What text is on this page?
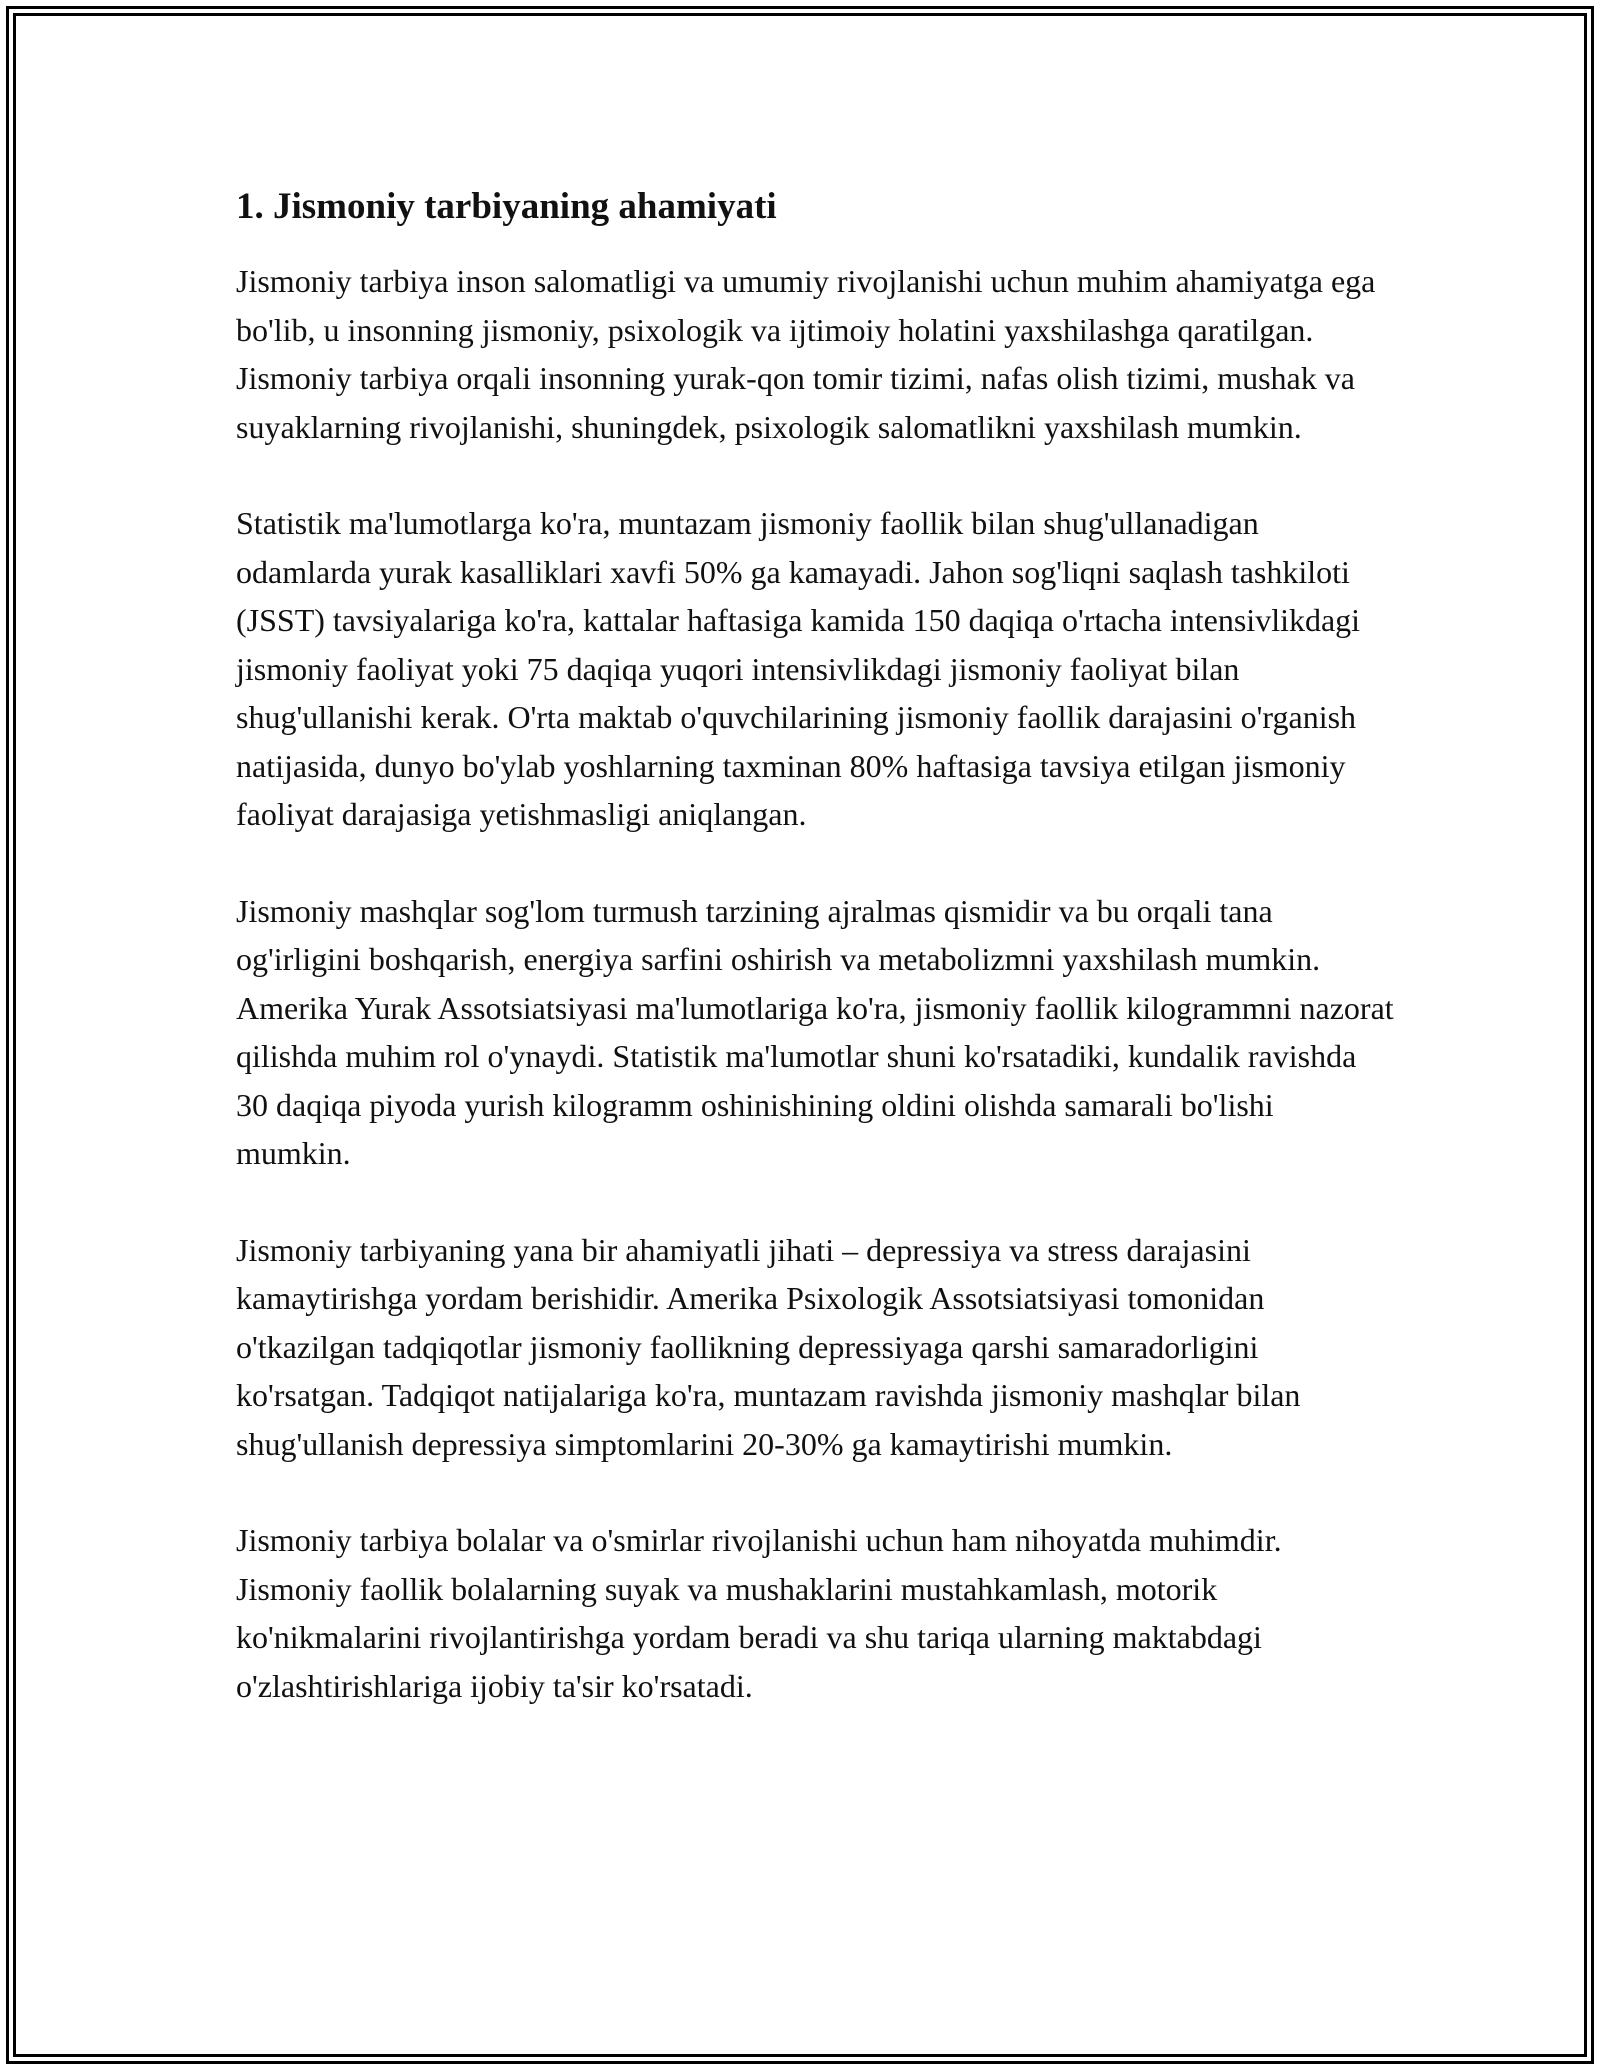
1. Jismoniy tarbiyaning ahamiyati

Jismoniy tarbiya inson salomatligi va umumiy rivojlanishi uchun muhim ahamiyatga ega bo'lib, u insonning jismoniy, psixologik va ijtimoiy holatini yaxshilashga qaratilgan. Jismoniy tarbiya orqali insonning yurak-qon tomir tizimi, nafas olish tizimi, mushak va suyaklarning rivojlanishi, shuningdek, psixologik salomatlikni yaxshilash mumkin.

Statistik ma'lumotlarga ko'ra, muntazam jismoniy faollik bilan shug'ullanadigan odamlarda yurak kasalliklari xavfi 50% ga kamayadi. Jahon sog'liqni saqlash tashkiloti (JSST) tavsiyalariga ko'ra, kattalar haftasiga kamida 150 daqiqa o'rtacha intensivlikdagi jismoniy faoliyat yoki 75 daqiqa yuqori intensivlikdagi jismoniy faoliyat bilan shug'ullanishi kerak. O'rta maktab o'quvchilarining jismoniy faollik darajasini o'rganish natijasida, dunyo bo'ylab yoshlarning taxminan 80% haftasiga tavsiya etilgan jismoniy faoliyat darajasiga yetishmasligi aniqlangan.

Jismoniy mashqlar sog'lom turmush tarzining ajralmas qismidir va bu orqali tana og'irligini boshqarish, energiya sarfini oshirish va metabolizmni yaxshilash mumkin. Amerika Yurak Assotsiatsiyasi ma'lumotlariga ko'ra, jismoniy faollik kilogrammni nazorat qilishda muhim rol o'ynaydi. Statistik ma'lumotlar shuni ko'rsatadiki, kundalik ravishda 30 daqiqa piyoda yurish kilogramm oshinishining oldini olishda samarali bo'lishi mumkin.

Jismoniy tarbiyaning yana bir ahamiyatli jihati – depressiya va stress darajasini kamaytirishga yordam berishidir. Amerika Psixologik Assotsiatsiyasi tomonidan o'tkazilgan tadqiqotlar jismoniy faollikning depressiyaga qarshi samaradorligini ko'rsatgan. Tadqiqot natijalariga ko'ra, muntazam ravishda jismoniy mashqlar bilan shug'ullanish depressiya simptomlarini 20-30% ga kamaytirishi mumkin.

Jismoniy tarbiya bolalar va o'smirlar rivojlanishi uchun ham nihoyatda muhimdir. Jismoniy faollik bolalarning suyak va mushaklarini mustahkamlash, motorik ko'nikmalarini rivojlantirishga yordam beradi va shu tariqa ularning maktabdagi o'zlashtirishlariga ijobiy ta'sir ko'rsatadi.
